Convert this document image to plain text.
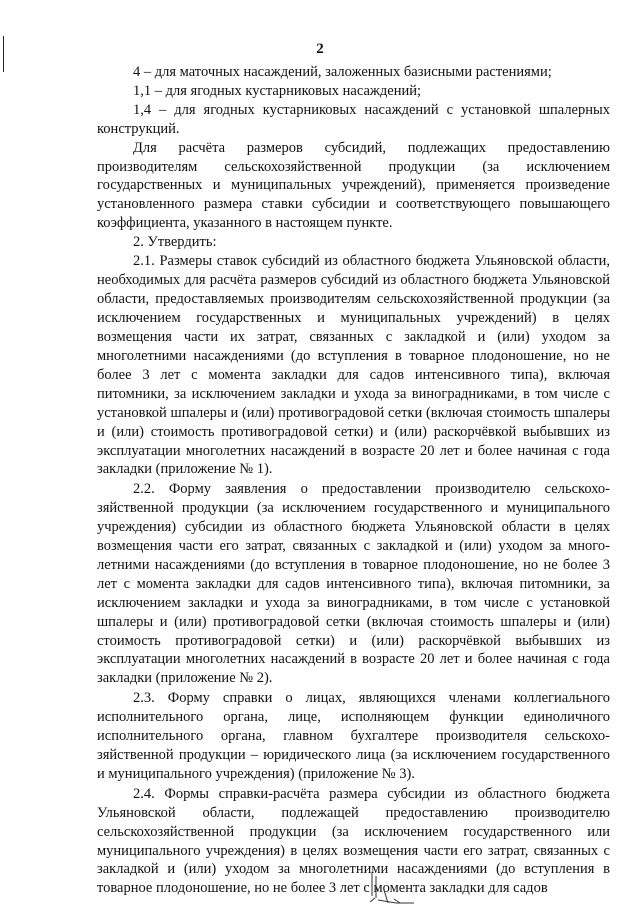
2

4 – для маточных насаждений, заложенных базисными растениями;

1,1 – для ягодных кустарниковых насаждений;

1,4 – для ягодных кустарниковых насаждений с установкой шпалерных конструкций.

Для расчёта размеров субсидий, подлежащих предоставлению производителям сельскохозяйственной продукции (за исключением государственных и муниципальных учреждений), применяется произведение установленного размера ставки субсидии и соответствующего повышающего коэффициента, указанного в настоящем пункте.

2. Утвердить:

2.1. Размеры ставок субсидий из областного бюджета Ульяновской области, необходимых для расчёта размеров субсидий из областного бюджета Ульяновской области, предоставляемых производителям сельскохозяйственной продукции (за исключением государственных и муниципальных учреждений) в целях возмещения части их затрат, связанных с закладкой и (или) уходом за многолетними насаждениями (до вступления в товарное плодоношение, но не более 3 лет с момента закладки для садов интенсивного типа), включая питомники, за исключением закладки и ухода за виноградниками, в том числе с установкой шпалеры и (или) противоградовой сетки (включая стоимость шпалеры и (или) стоимость противоградовой сетки) и (или) раскорчёвкой выбывших из эксплуатации многолетних насаждений в возрасте 20 лет и более начиная с года закладки (приложение № 1).

2.2. Форму заявления о предоставлении производителю сельскохозяйственной продукции (за исключением государственного и муниципального учреждения) субсидии из областного бюджета Ульяновской области в целях возмещения части его затрат, связанных с закладкой и (или) уходом за многолетними насаждениями (до вступления в товарное плодоношение, но не более 3 лет с момента закладки для садов интенсивного типа), включая питомники, за исключением закладки и ухода за виноградниками, в том числе с установкой шпалеры и (или) противоградовой сетки (включая стоимость шпалеры и (или) стоимость противоградовой сетки) и (или) раскорчёвкой выбывших из эксплуатации многолетних насаждений в возрасте 20 лет и более начиная с года закладки (приложение № 2).

2.3. Форму справки о лицах, являющихся членами коллегиального исполнительного органа, лице, исполняющем функции единоличного исполнительного органа, главном бухгалтере производителя сельскохозяйственной продукции – юридического лица (за исключением государственного и муниципального учреждения) (приложение № 3).

2.4. Формы справки-расчёта размера субсидии из областного бюджета Ульяновской области, подлежащей предоставлению производителю сельскохозяйственной продукции (за исключением государственного или муниципального учреждения) в целях возмещения части его затрат, связанных с закладкой и (или) уходом за многолетними насаждениями (до вступления в товарное плодоношение, но не более 3 лет с момента закладки для садов
